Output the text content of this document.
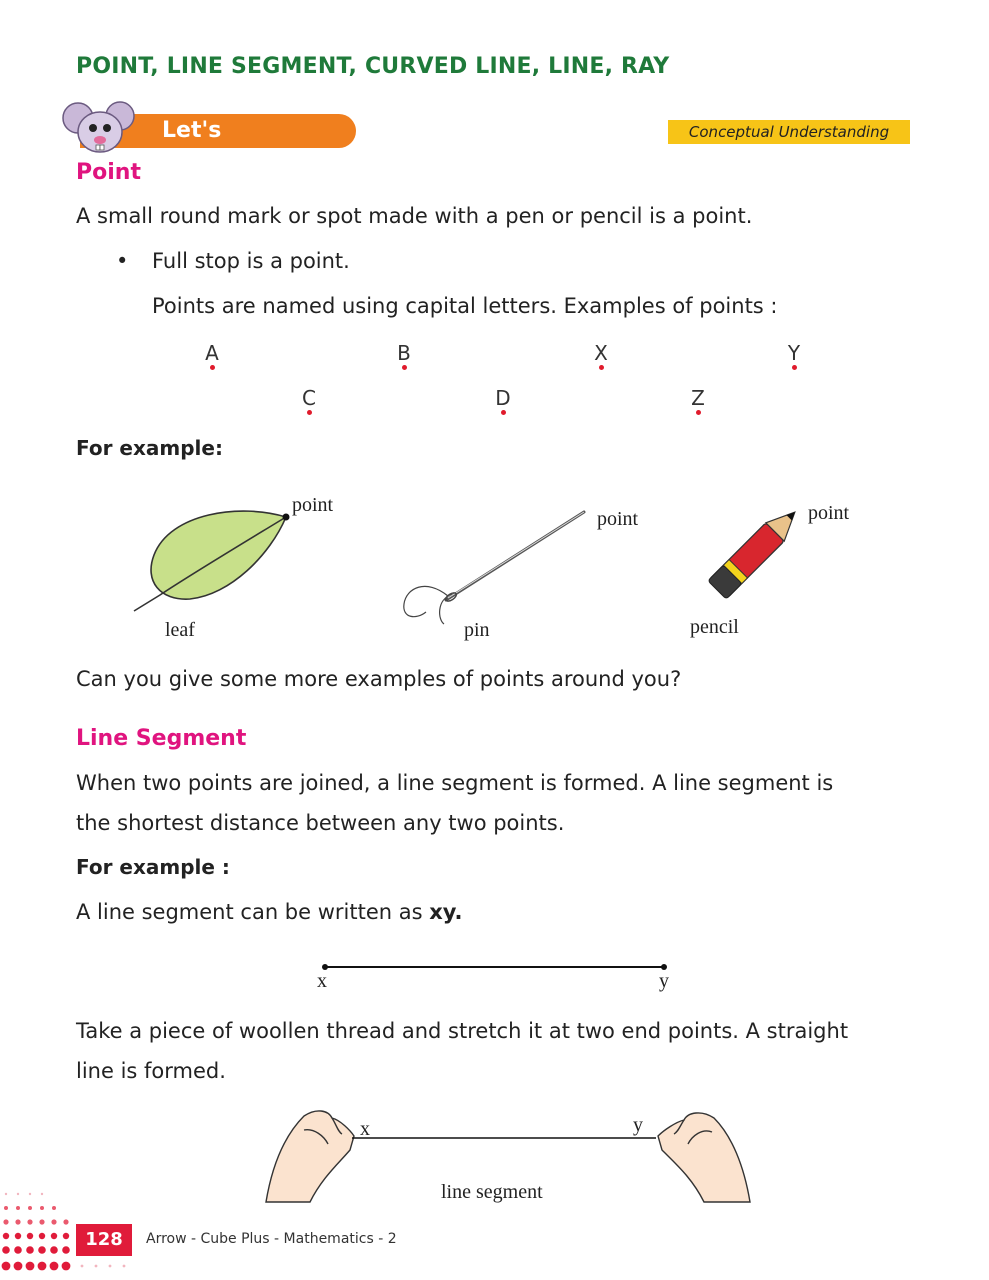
POINT, LINE SEGMENT, CURVED LINE, LINE, RAY
Let's Understand
Conceptual Understanding
Point
A small round mark or spot made with a pen or pencil is a point.
• Full stop is a point.
Points are named using capital letters. Examples of points :
A	B	X	Y
C	D	Z
For example:
point
leaf
point
pin
point
pencil
Can you give some more examples of points around you?
Line Segment
When two points are joined, a line segment is formed. A line segment is
the shortest distance between any two points.
For example :
A line segment can be written as xy.
x	y
Take a piece of woollen thread and stretch it at two end points. A straight
line is formed.
x	y
line segment
128	Arrow - Cube Plus - Mathematics - 2
